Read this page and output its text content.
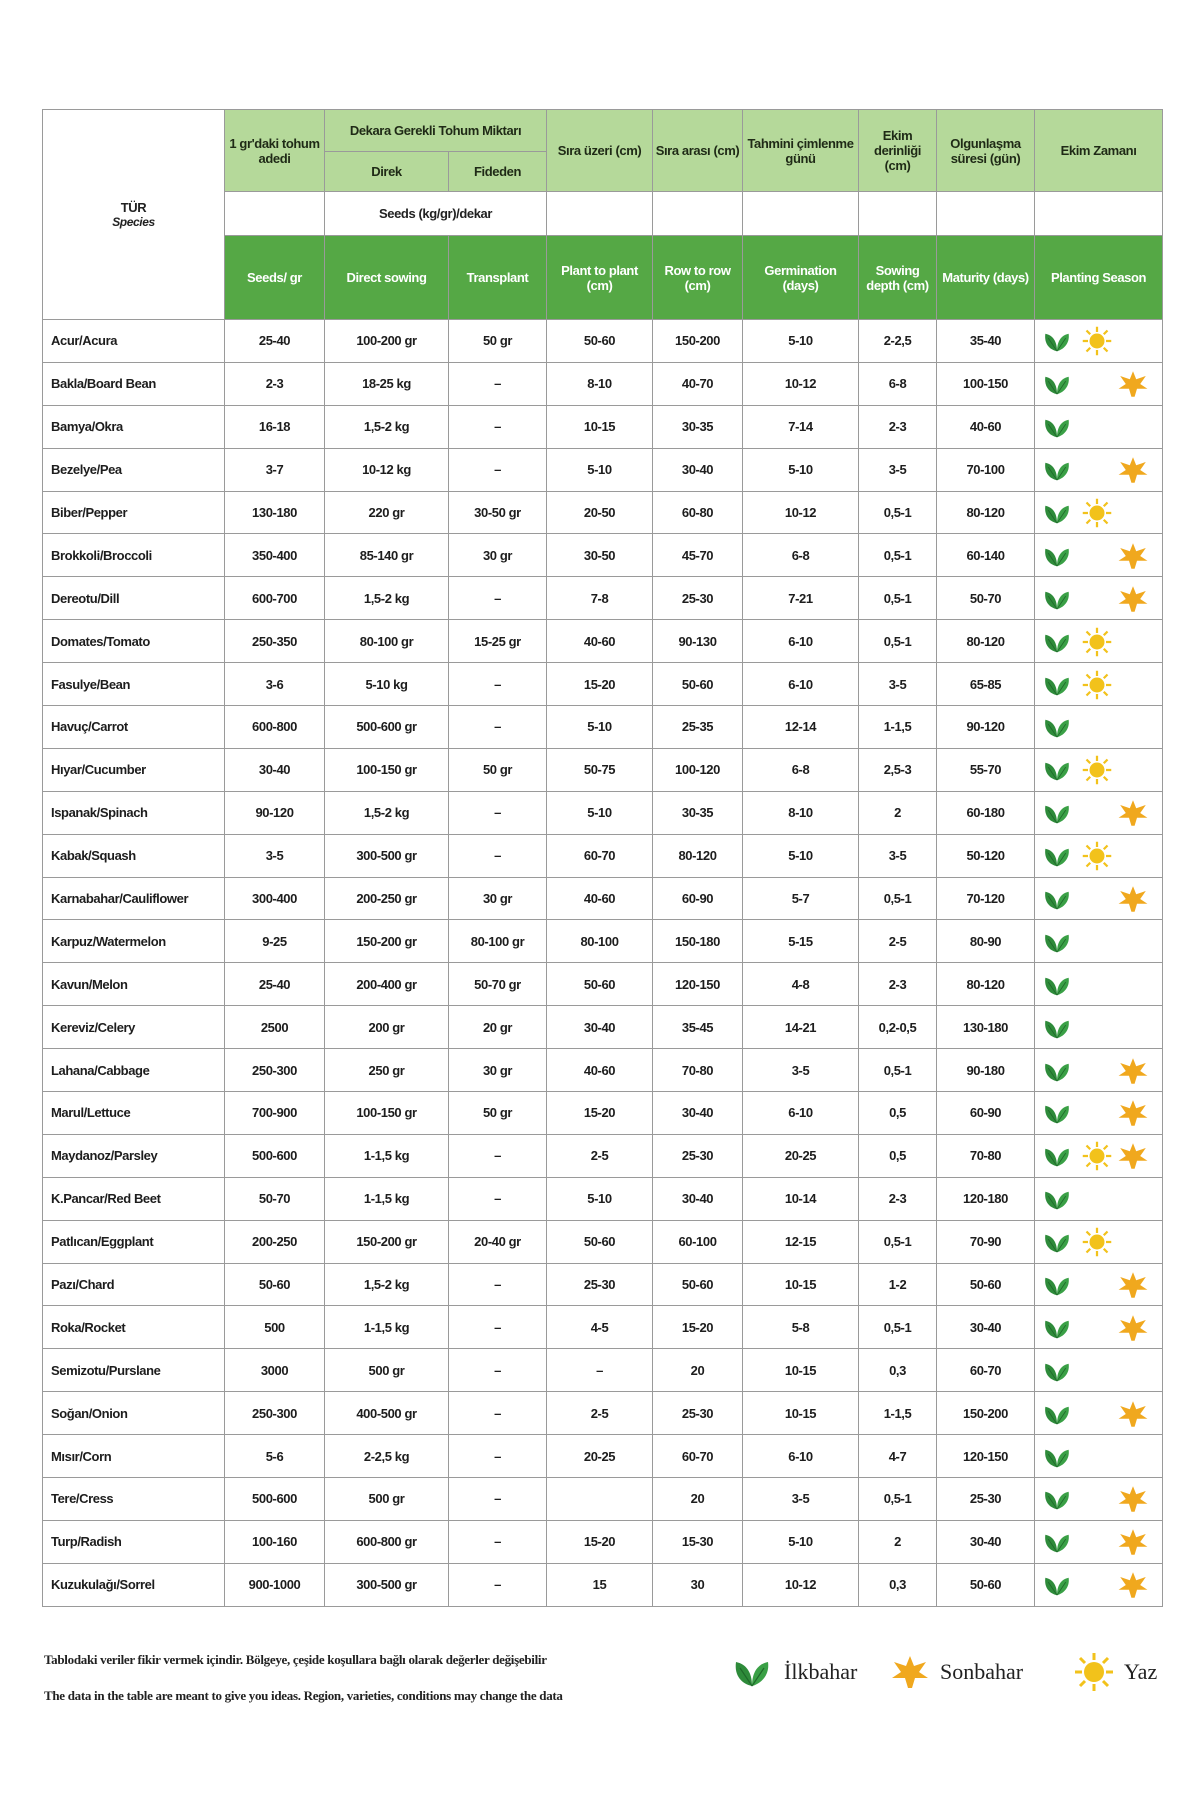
TÜR
Species	1 gr'daki tohum adedi	Dekara Gerekli Tohum Miktarı		Sıra üzeri (cm)	Sıra arası (cm)	Tahmini çimlenme günü	Ekim derinliği (cm)	Olgunlaşma süresi (gün)	Ekim Zamanı
		Direk	Fideden						
		Seeds (kg/gr)/dekar							
	Seeds/ gr	Direct sowing	Transplant	Plant to plant (cm)	Row to row (cm)	Germination (days)	Sowing depth (cm)	Maturity (days)	Planting Season
Acur/Acura	25-40	100-200 gr	50 gr	50-60	150-200	5-10	2-2,5	35-40	

Bakla/Board Bean	2-3	18-25 kg	–	8-10	40-70	10-12	6-8	100-150	

Bamya/Okra	16-18	1,5-2 kg	–	10-15	30-35	7-14	2-3	40-60	

Bezelye/Pea	3-7	10-12 kg	–	5-10	30-40	5-10	3-5	70-100	

Biber/Pepper	130-180	220 gr	30-50 gr	20-50	60-80	10-12	0,5-1	80-120	

Brokkoli/Broccoli	350-400	85-140 gr	30 gr	30-50	45-70	6-8	0,5-1	60-140	

Dereotu/Dill	600-700	1,5-2 kg	–	7-8	25-30	7-21	0,5-1	50-70	

Domates/Tomato	250-350	80-100 gr	15-25 gr	40-60	90-130	6-10	0,5-1	80-120	

Fasulye/Bean	3-6	5-10 kg	–	15-20	50-60	6-10	3-5	65-85	

Havuç/Carrot	600-800	500-600 gr	–	5-10	25-35	12-14	1-1,5	90-120	

Hıyar/Cucumber	30-40	100-150 gr	50 gr	50-75	100-120	6-8	2,5-3	55-70	

Ispanak/Spinach	90-120	1,5-2 kg	–	5-10	30-35	8-10	2	60-180	

Kabak/Squash	3-5	300-500 gr	–	60-70	80-120	5-10	3-5	50-120	

Karnabahar/Cauliflower	300-400	200-250 gr	30 gr	40-60	60-90	5-7	0,5-1	70-120	

Karpuz/Watermelon	9-25	150-200 gr	80-100 gr	80-100	150-180	5-15	2-5	80-90	

Kavun/Melon	25-40	200-400 gr	50-70 gr	50-60	120-150	4-8	2-3	80-120	

Kereviz/Celery	2500	200 gr	20 gr	30-40	35-45	14-21	0,2-0,5	130-180	

Lahana/Cabbage	250-300	250 gr	30 gr	40-60	70-80	3-5	0,5-1	90-180	

Marul/Lettuce	700-900	100-150 gr	50 gr	15-20	30-40	6-10	0,5	60-90	

Maydanoz/Parsley	500-600	1-1,5 kg	–	2-5	25-30	20-25	0,5	70-80	

K.Pancar/Red Beet	50-70	1-1,5 kg	–	5-10	30-40	10-14	2-3	120-180	

Patlıcan/Eggplant	200-250	150-200 gr	20-40 gr	50-60	60-100	12-15	0,5-1	70-90	

Pazı/Chard	50-60	1,5-2 kg	–	25-30	50-60	10-15	1-2	50-60	

Roka/Rocket	500	1-1,5 kg	–	4-5	15-20	5-8	0,5-1	30-40	

Semizotu/Purslane	3000	500 gr	–	–	20	10-15	0,3	60-70	

Soğan/Onion	250-300	400-500 gr	–	2-5	25-30	10-15	1-1,5	150-200	

Mısır/Corn	5-6	2-2,5 kg	–	20-25	60-70	6-10	4-7	120-150	

Tere/Cress	500-600	500 gr	–		20	3-5	0,5-1	25-30	

Turp/Radish	100-160	600-800 gr	–	15-20	15-30	5-10	2	30-40	

Kuzukulağı/Sorrel	900-1000	300-500 gr	–	15	30	10-12	0,3	50-60	
Tablodaki veriler fikir vermek içindir. Bölgeye, çeşide koşullara bağlı olarak değerler değişebilir
The data in the table are meant to give you ideas. Region, varieties, conditions may change the data
İlkbahar	Sonbahar	Yaz
